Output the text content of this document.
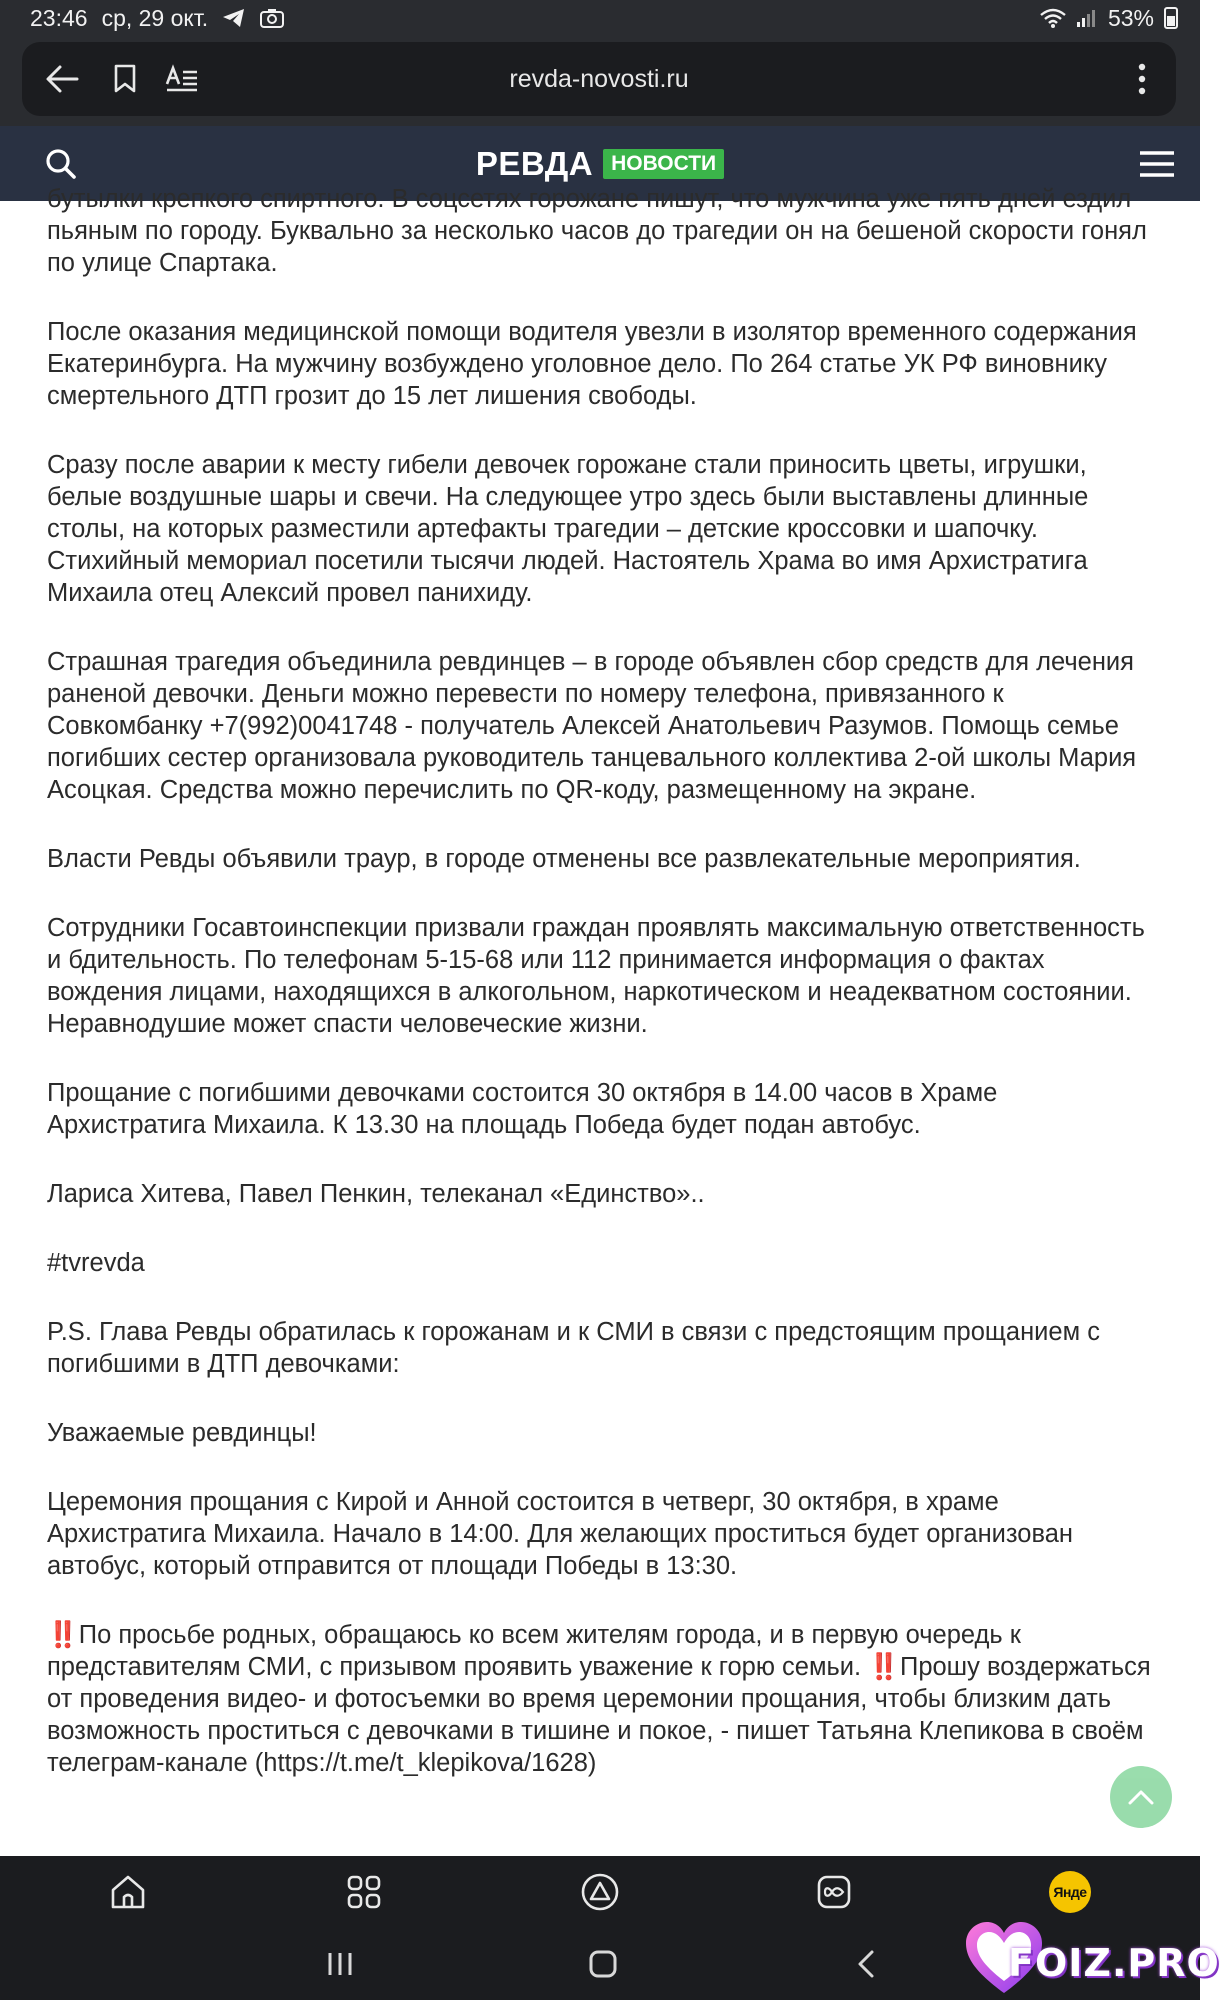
23:46 ср, 29 окт.	53%
revda-novosti.ru
РЕВДА НОВОСТИ

бутылки крепкого спиртного. В соцсетях горожане пишут, что мужчина уже пять дней ездил пьяным по городу. Буквально за несколько часов до трагедии он на бешеной скорости гонял по улице Спартака.

После оказания медицинской помощи водителя увезли в изолятор временного содержания Екатеринбурга. На мужчину возбуждено уголовное дело. По 264 статье УК РФ виновнику смертельного ДТП грозит до 15 лет лишения свободы.

Сразу после аварии к месту гибели девочек горожане стали приносить цветы, игрушки, белые воздушные шары и свечи. На следующее утро здесь были выставлены длинные столы, на которых разместили артефакты трагедии – детские кроссовки и шапочку. Стихийный мемориал посетили тысячи людей. Настоятель Храма во имя Архистратига Михаила отец Алексий провел панихиду.

Страшная трагедия объединила ревдинцев – в городе объявлен сбор средств для лечения раненой девочки. Деньги можно перевести по номеру телефона, привязанного к Совкомбанку +7(992)0041748 - получатель Алексей Анатольевич Разумов. Помощь семье погибших сестер организовала руководитель танцевального коллектива 2-ой школы Мария Асоцкая. Средства можно перечислить по QR-коду, размещенному на экране.

Власти Ревды объявили траур, в городе отменены все развлекательные мероприятия.

Сотрудники Госавтоинспекции призвали граждан проявлять максимальную ответственность и бдительность. По телефонам 5-15-68 или 112 принимается информация о фактах вождения лицами, находящихся в алкогольном, наркотическом и неадекватном состоянии. Неравнодушие может спасти человеческие жизни.

Прощание с погибшими девочками состоится 30 октября в 14.00 часов в Храме Архистратига Михаила. К 13.30 на площадь Победа будет подан автобус.

Лариса Хитева, Павел Пенкин, телеканал «Единство»..

#tvrevda

P.S. Глава Ревды обратилась к горожанам и к СМИ в связи с предстоящим прощанием с погибшими в ДТП девочками:

Уважаемые ревдинцы!

Церемония прощания с Кирой и Анной состоится в четверг, 30 октября, в храме Архистратига Михаила. Начало в 14:00. Для желающих проститься будет организован автобус, который отправится от площади Победы в 13:30.

‼️ По просьбе родных, обращаюсь ко всем жителям города, и в первую очередь к представителям СМИ, с призывом проявить уважение к горю семьи. ‼️ Прошу воздержаться от проведения видео- и фотосъемки во время церемонии прощания, чтобы близким дать возможность проститься с девочками в тишине и покое, - пишет Татьяна Клепикова в своём телеграм-канале (https://t.me/t_klepikova/1628)

Янде
FOIZ.PRO
